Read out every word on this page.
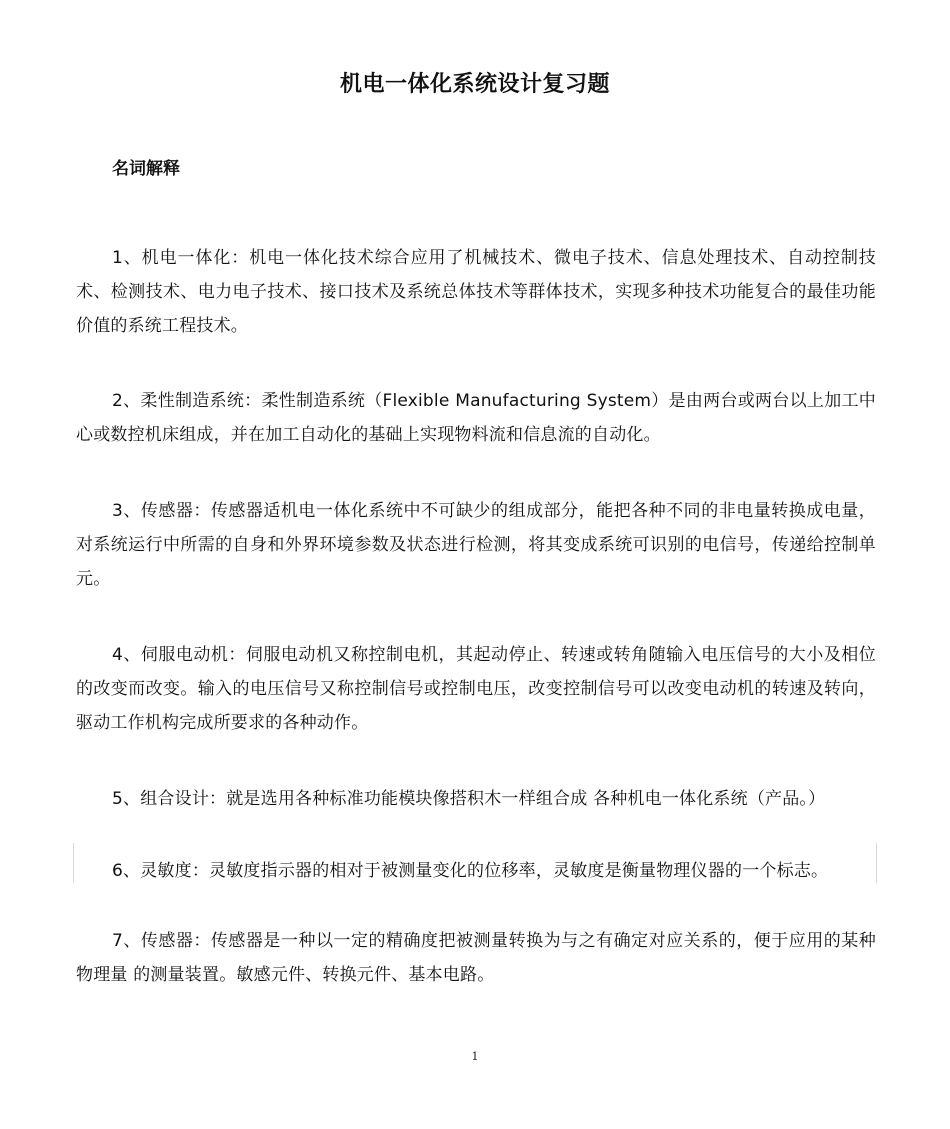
机电一体化系统设计复习题
名词解释

1、机电一体化：机电一体化技术综合应用了机械技术、微电子技术、信息处理技术、自动控制技术、检测技术、电力电子技术、接口技术及系统总体技术等群体技术，实现多种技术功能复合的最佳功能价值的系统工程技术。

2、柔性制造系统：柔性制造系统（Flexible Manufacturing System）是由两台或两台以上加工中心或数控机床组成，并在加工自动化的基础上实现物料流和信息流的自动化。

3、传感器：传感器适机电一体化系统中不可缺少的组成部分，能把各种不同的非电量转换成电量，对系统运行中所需的自身和外界环境参数及状态进行检测，将其变成系统可识别的电信号，传递给控制单元。

4、伺服电动机：伺服电动机又称控制电机，其起动停止、转速或转角随输入电压信号的大小及相位的改变而改变。输入的电压信号又称控制信号或控制电压，改变控制信号可以改变电动机的转速及转向，驱动工作机构完成所要求的各种动作。

5、组合设计：就是选用各种标准功能模块像搭积木一样组合成 各种机电一体化系统（产品。）

6、灵敏度：灵敏度指示器的相对于被测量变化的位移率，灵敏度是衡量物理仪器的一个标志。

7、传感器：传感器是一种以一定的精确度把被测量转换为与之有确定对应关系的，便于应用的某种物理量 的测量装置。敏感元件、转换元件、基本电路。

1
